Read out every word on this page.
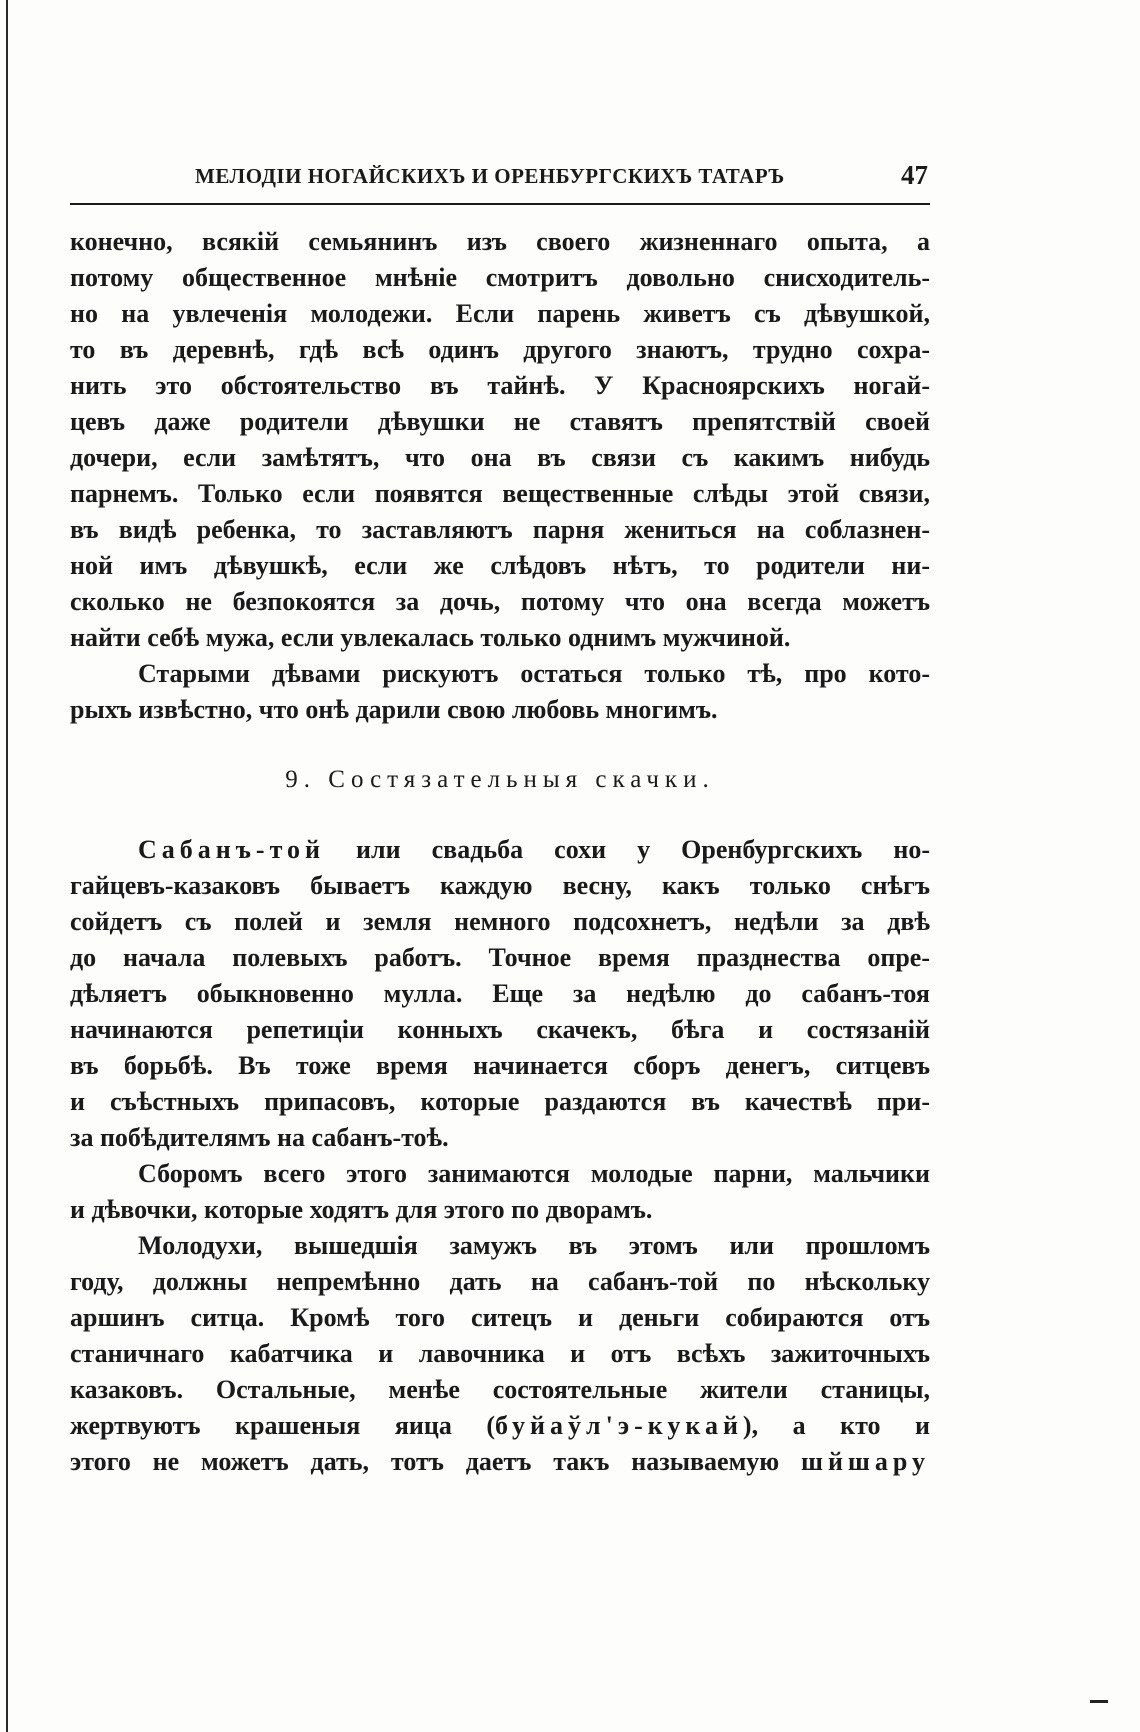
МЕЛОДІИ НОГАЙСКИХЪ И ОРЕНБУРГСКИХЪ ТАТАРЪ	47
конечно, всякій семьянинъ изъ своего жизненнаго опыта, а
потому общественное мнѣніе смотритъ довольно снисходитель-
но на увлеченія молодежи. Если парень живетъ съ дѣвушкой,
то въ деревнѣ, гдѣ всѣ одинъ другого знаютъ, трудно сохра-
нить это обстоятельство въ тайнѣ. У Красноярскихъ ногай-
цевъ даже родители дѣвушки не ставятъ препятствій своей
дочери, если замѣтятъ, что она въ связи съ какимъ нибудь
парнемъ. Только если появятся вещественные слѣды этой связи,
въ видѣ ребенка, то заставляютъ парня жениться на соблазнен-
ной имъ дѣвушкѣ, если же слѣдовъ нѣтъ, то родители ни-
сколько не безпокоятся за дочь, потому что она всегда можетъ
найти себѣ мужа, если увлекалась только однимъ мужчиной.
Старыми дѣвами рискуютъ остаться только тѣ, про кото-
рыхъ извѣстно, что онѣ дарили свою любовь многимъ.
9. Состязательныя скачки.
Сабанъ-той или свадьба сохи у Оренбургскихъ но-
гайцевъ-казаковъ бываетъ каждую весну, какъ только снѣгъ
сойдетъ съ полей и земля немного подсохнетъ, недѣли за двѣ
до начала полевыхъ работъ. Точное время празднества опре-
дѣляетъ обыкновенно мулла. Еще за недѣлю до сабанъ-тоя
начинаются репетиціи конныхъ скачекъ, бѣга и состязаній
въ борьбѣ. Въ тоже время начинается сборъ денегъ, ситцевъ
и съѣстныхъ припасовъ, которые раздаются въ качествѣ при-
за побѣдителямъ на сабанъ-тоѣ.
Сборомъ всего этого занимаются молодые парни, мальчики
и дѣвочки, которые ходятъ для этого по дворамъ.
Молодухи, вышедшія замужъ въ этомъ или прошломъ
году, должны непремѣнно дать на сабанъ-той по нѣскольку
аршинъ ситца. Кромѣ того ситецъ и деньги собираются отъ
станичнаго кабатчика и лавочника и отъ всѣхъ зажиточныхъ
казаковъ. Остальные, менѣе состоятельные жители станицы,
жертвуютъ крашеныя яица (буйаўл'э-кукай), а кто и
этого не можетъ дать, тотъ даетъ такъ называемую шйшару
